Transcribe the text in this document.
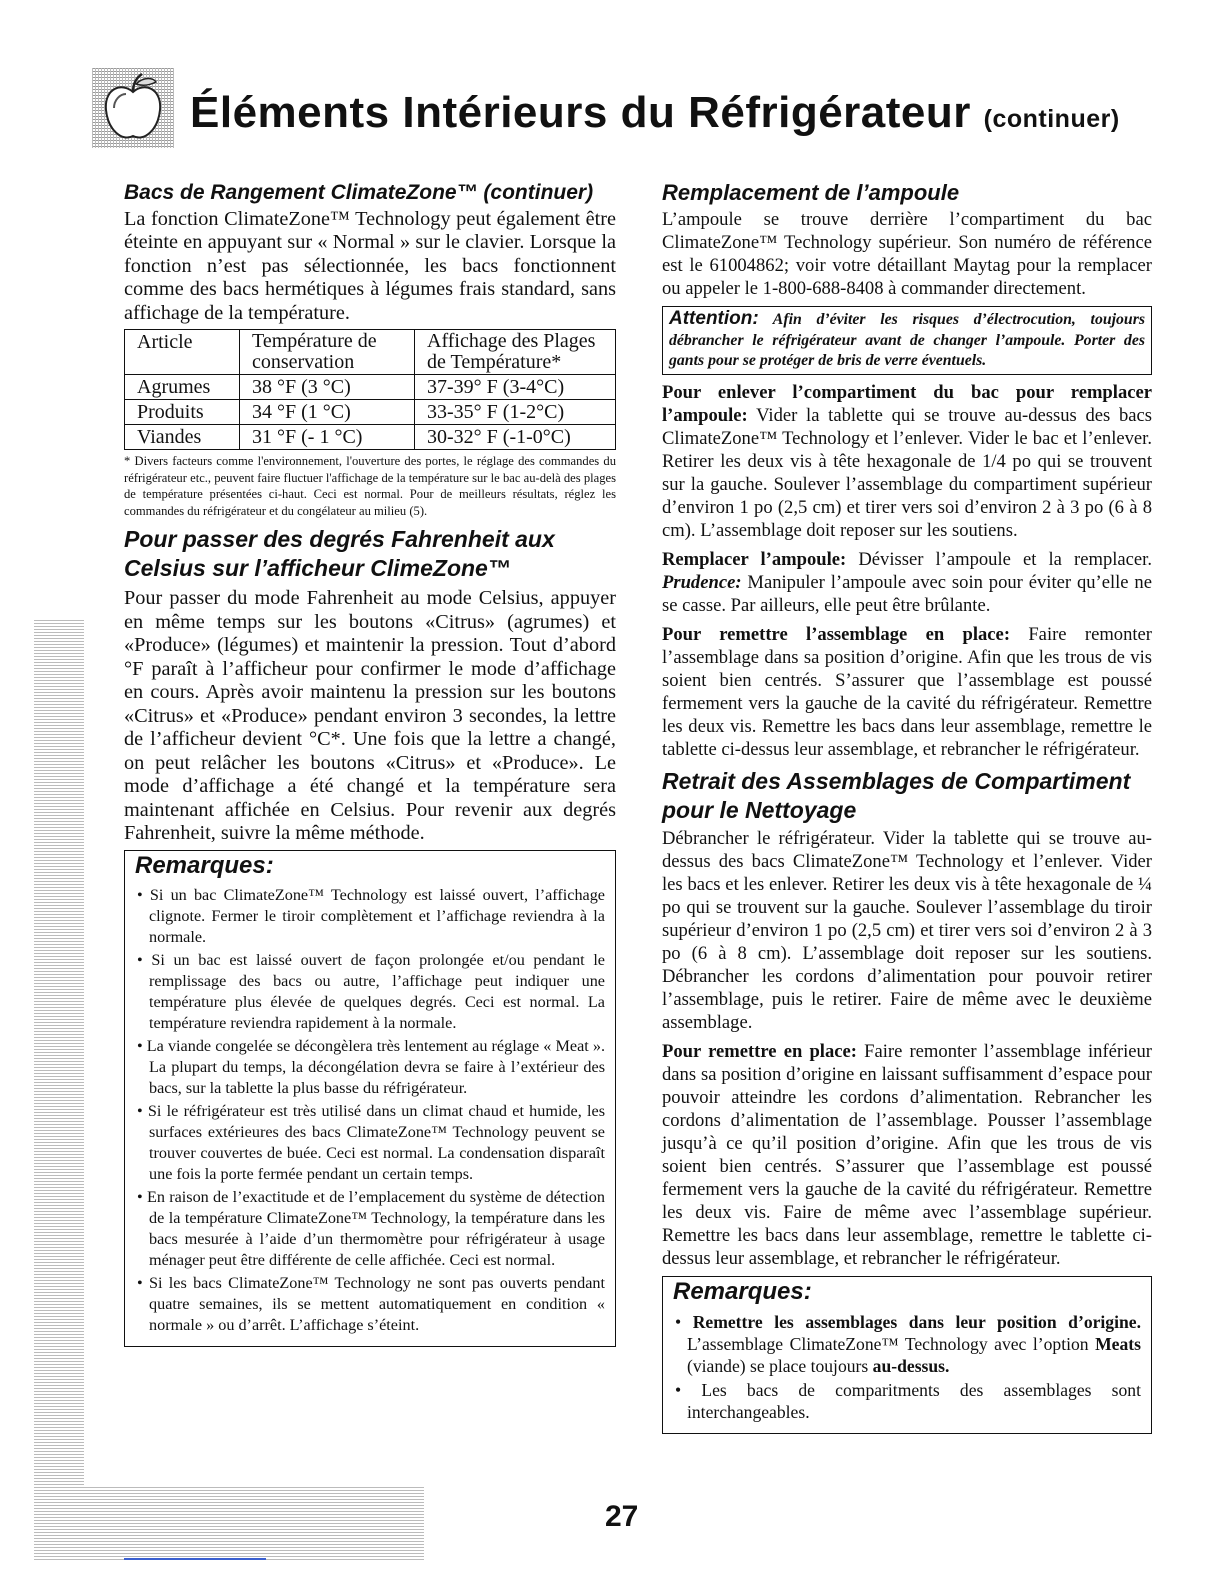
Éléments Intérieurs du Réfrigérateur (continuer)
Bacs de Rangement ClimateZone™ (continuer)

La fonction ClimateZone™ Technology peut également être éteinte en appuyant sur « Normal » sur le clavier. Lorsque la fonction n’est pas sélectionnée, les bacs fonctionnent comme des bacs hermétiques à légumes frais standard, sans affichage de la température.

Article	Température de conservation	Affichage des Plages de Température*
Agrumes	38 °F (3 °C)	37-39° F (3-4°C)
Produits	34 °F (1 °C)	33-35° F (1-2°C)
Viandes	31 °F (- 1 °C)	30-32° F (-1-0°C)
* Divers facteurs comme l'environnement, l'ouverture des portes, le réglage des commandes du réfrigérateur etc., peuvent faire fluctuer l'affichage de la température sur le bac au-delà des plages de température présentées ci-haut. Ceci est normal. Pour de meilleurs résultats, réglez les commandes du réfrigérateur et du congélateur au milieu (5).
Pour passer des degrés Fahrenheit aux Celsius sur l’afficheur ClimeZone™

Pour passer du mode Fahrenheit au mode Celsius, appuyer en même temps sur les boutons «Citrus» (agrumes) et «Produce» (légumes) et maintenir la pression. Tout d’abord °F paraît à l’afficheur pour confirmer le mode d’affichage en cours. Après avoir maintenu la pression sur les boutons «Citrus» et «Produce» pendant environ 3 secondes, la lettre de l’afficheur devient °C*. Une fois que la lettre a changé, on peut relâcher les boutons «Citrus» et «Produce». Le mode d’affichage a été changé et la température sera maintenant affichée en Celsius. Pour revenir aux degrés Fahrenheit, suivre la même méthode.

Remarques:
• Si un bac ClimateZone™ Technology est laissé ouvert, l’affichage clignote. Fermer le tiroir complètement et l’affichage reviendra à la normale.
• Si un bac est laissé ouvert de façon prolongée et/ou pendant le remplissage des bacs ou autre, l’affichage peut indiquer une température plus élevée de quelques degrés. Ceci est normal. La température reviendra rapidement à la normale.
• La viande congelée se décongèlera très lentement au réglage « Meat ». La plupart du temps, la décongélation devra se faire à l’extérieur des bacs, sur la tablette la plus basse du réfrigérateur.
• Si le réfrigérateur est très utilisé dans un climat chaud et humide, les surfaces extérieures des bacs ClimateZone™ Technology peuvent se trouver couvertes de buée. Ceci est normal. La condensation disparaît une fois la porte fermée pendant un certain temps.
• En raison de l’exactitude et de l’emplacement du système de détection de la température ClimateZone™ Technology, la température dans les bacs mesurée à l’aide d’un thermomètre pour réfrigérateur à usage ménager peut être différente de celle affichée. Ceci est normal.
• Si les bacs ClimateZone™ Technology ne sont pas ouverts pendant quatre semaines, ils se mettent automatiquement en condition « normale » ou d’arrêt. L’affichage s’éteint.
Remplacement de l’ampoule

L’ampoule se trouve derrière l’compartiment du bac ClimateZone™ Technology supérieur. Son numéro de référence est le 61004862; voir votre détaillant Maytag pour la remplacer ou appeler le 1-800-688-8408 à commander directement.

Attention: Afin d’éviter les risques d’électrocution, toujours débrancher le réfrigérateur avant de changer l’ampoule. Porter des gants pour se protéger de bris de verre éventuels.

Pour enlever l’compartiment du bac pour remplacer l’ampoule: Vider la tablette qui se trouve au-dessus des bacs ClimateZone™ Technology et l’enlever. Vider le bac et l’enlever. Retirer les deux vis à tête hexagonale de 1/4 po qui se trouvent sur la gauche. Soulever l’assemblage du compartiment supérieur d’environ 1 po (2,5 cm) et tirer vers soi d’environ 2 à 3 po (6 à 8 cm). L’assemblage doit reposer sur les soutiens.

Remplacer l’ampoule: Dévisser l’ampoule et la remplacer. Prudence: Manipuler l’ampoule avec soin pour éviter qu’elle ne se casse. Par ailleurs, elle peut être brûlante.

Pour remettre l’assemblage en place: Faire remonter l’assemblage dans sa position d’origine. Afin que les trous de vis soient bien centrés. S’assurer que l’assemblage est poussé fermement vers la gauche de la cavité du réfrigérateur. Remettre les deux vis. Remettre les bacs dans leur assemblage, remettre le tablette ci-dessus leur assemblage, et rebrancher le réfrigérateur.

Retrait des Assemblages de Compartiment pour le Nettoyage

Débrancher le réfrigérateur. Vider la tablette qui se trouve au-dessus des bacs ClimateZone™ Technology et l’enlever. Vider les bacs et les enlever. Retirer les deux vis à tête hexagonale de ¼ po qui se trouvent sur la gauche. Soulever l’assemblage du tiroir supérieur d’environ 1 po (2,5 cm) et tirer vers soi d’environ 2 à 3 po (6 à 8 cm). L’assemblage doit reposer sur les soutiens. Débrancher les cordons d’alimentation pour pouvoir retirer l’assemblage, puis le retirer. Faire de même avec le deuxième assemblage.

Pour remettre en place: Faire remonter l’assemblage inférieur dans sa position d’origine en laissant suffisamment d’espace pour pouvoir atteindre les cordons d’alimentation. Rebrancher les cordons d’alimentation de l’assemblage. Pousser l’assemblage jusqu’à ce qu’il position d’origine. Afin que les trous de vis soient bien centrés. S’assurer que l’assemblage est poussé fermement vers la gauche de la cavité du réfrigérateur. Remettre les deux vis. Faire de même avec l’assemblage supérieur. Remettre les bacs dans leur assemblage, remettre le tablette ci-dessus leur assemblage, et rebrancher le réfrigérateur.

Remarques:
• Remettre les assemblages dans leur position d’origine. L’assemblage ClimateZone™ Technology avec l’option Meats (viande) se place toujours au-dessus.
• Les bacs de comparitments des assemblages sont interchangeables.
27
